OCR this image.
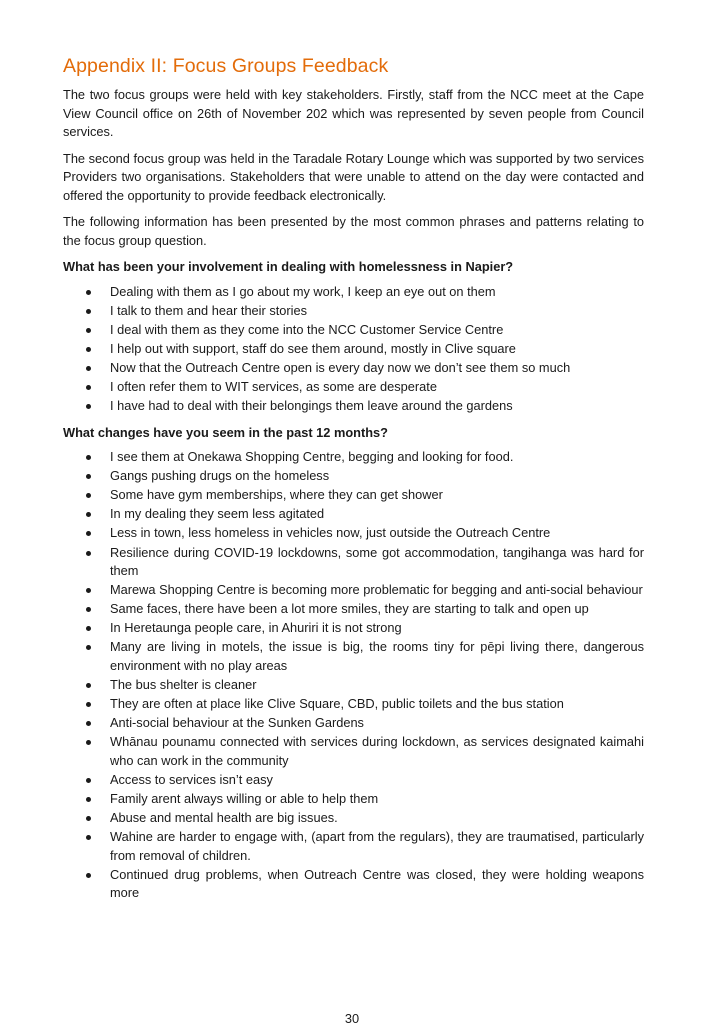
Appendix II: Focus Groups Feedback

The two focus groups were held with key stakeholders. Firstly, staff from the NCC meet at the Cape View Council office on 26th of November 202 which was represented by seven people from Council services.

The second focus group was held in the Taradale Rotary Lounge which was supported by two services Providers two organisations. Stakeholders that were unable to attend on the day were contacted and offered the opportunity to provide feedback electronically.

The following information has been presented by the most common phrases and patterns relating to the focus group question.

What has been your involvement in dealing with homelessness in Napier?

Dealing with them as I go about my work, I keep an eye out on them
I talk to them and hear their stories
I deal with them as they come into the NCC Customer Service Centre
I help out with support, staff do see them around, mostly in Clive square
Now that the Outreach Centre open is every day now we don’t see them so much
I often refer them to WIT services, as some are desperate
I have had to deal with their belongings them leave around the gardens

What changes have you seem in the past 12 months?

I see them at Onekawa Shopping Centre, begging and looking for food.
Gangs pushing drugs on the homeless
Some have gym memberships, where they can get shower
In my dealing they seem less agitated
Less in town, less homeless in vehicles now, just outside the Outreach Centre
Resilience during COVID-19 lockdowns, some got accommodation, tangihanga was hard for them
Marewa Shopping Centre is becoming more problematic for begging and anti-social behaviour
Same faces, there have been a lot more smiles, they are starting to talk and open up
In Heretaunga people care, in Ahuriri it is not strong
Many are living in motels, the issue is big, the rooms tiny for pēpi living there, dangerous environment with no play areas
The bus shelter is cleaner
They are often at place like Clive Square, CBD, public toilets and the bus station
Anti-social behaviour at the Sunken Gardens
Whānau pounamu connected with services during lockdown, as services designated kaimahi who can work in the community
Access to services isn’t easy
Family arent always willing or able to help them
Abuse and mental health are big issues.
Wahine are harder to engage with, (apart from the regulars), they are traumatised, particularly from removal of children.
Continued drug problems, when Outreach Centre was closed, they were holding weapons more
30
